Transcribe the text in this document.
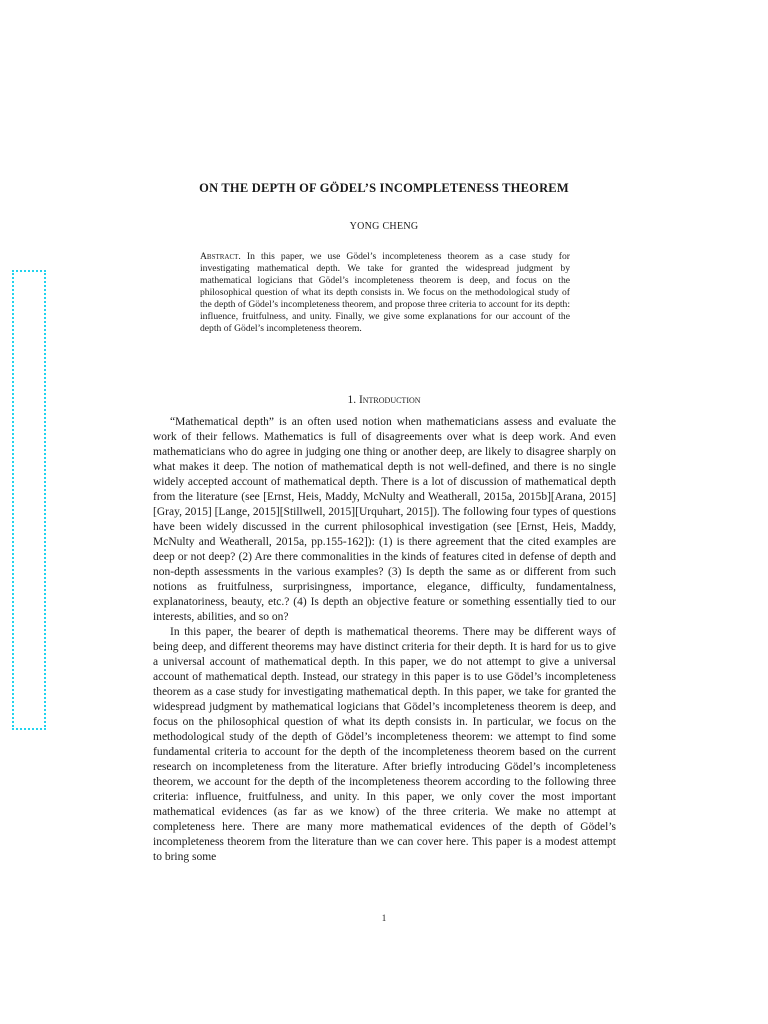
ON THE DEPTH OF GÖDEL’S INCOMPLETENESS THEOREM
YONG CHENG
Abstract. In this paper, we use Gödel’s incompleteness theorem as a case study for investigating mathematical depth. We take for granted the widespread judgment by mathematical logicians that Gödel’s incompleteness theorem is deep, and focus on the philosophical question of what its depth consists in. We focus on the methodological study of the depth of Gödel’s incompleteness theorem, and propose three criteria to account for its depth: influence, fruitfulness, and unity. Finally, we give some explanations for our account of the depth of Gödel’s incompleteness theorem.
1. Introduction

“Mathematical depth” is an often used notion when mathematicians assess and evaluate the work of their fellows. Mathematics is full of disagreements over what is deep work. And even mathematicians who do agree in judging one thing or another deep, are likely to disagree sharply on what makes it deep. The notion of mathematical depth is not well-defined, and there is no single widely accepted account of mathematical depth. There is a lot of discussion of mathematical depth from the literature (see [Ernst, Heis, Maddy, McNulty and Weatherall, 2015a, 2015b][Arana, 2015] [Gray, 2015] [Lange, 2015][Stillwell, 2015][Urquhart, 2015]). The following four types of questions have been widely discussed in the current philosophical investigation (see [Ernst, Heis, Maddy, McNulty and Weatherall, 2015a, pp.155-162]): (1) is there agreement that the cited examples are deep or not deep? (2) Are there commonalities in the kinds of features cited in defense of depth and non-depth assessments in the various examples? (3) Is depth the same as or different from such notions as fruitfulness, surprisingness, importance, elegance, difficulty, fundamentalness, explanatoriness, beauty, etc.? (4) Is depth an objective feature or something essentially tied to our interests, abilities, and so on?

In this paper, the bearer of depth is mathematical theorems. There may be different ways of being deep, and different theorems may have distinct criteria for their depth. It is hard for us to give a universal account of mathematical depth. In this paper, we do not attempt to give a universal account of mathematical depth. Instead, our strategy in this paper is to use Gödel’s incompleteness theorem as a case study for investigating mathematical depth. In this paper, we take for granted the widespread judgment by mathematical logicians that Gödel’s incompleteness theorem is deep, and focus on the philosophical question of what its depth consists in. In particular, we focus on the methodological study of the depth of Gödel’s incompleteness theorem: we attempt to find some fundamental criteria to account for the depth of the incompleteness theorem based on the current research on incompleteness from the literature. After briefly introducing Gödel’s incompleteness theorem, we account for the depth of the incompleteness theorem according to the following three criteria: influence, fruitfulness, and unity. In this paper, we only cover the most important mathematical evidences (as far as we know) of the three criteria. We make no attempt at completeness here. There are many more mathematical evidences of the depth of Gödel’s incompleteness theorem from the literature than we can cover here. This paper is a modest attempt to bring some

1
